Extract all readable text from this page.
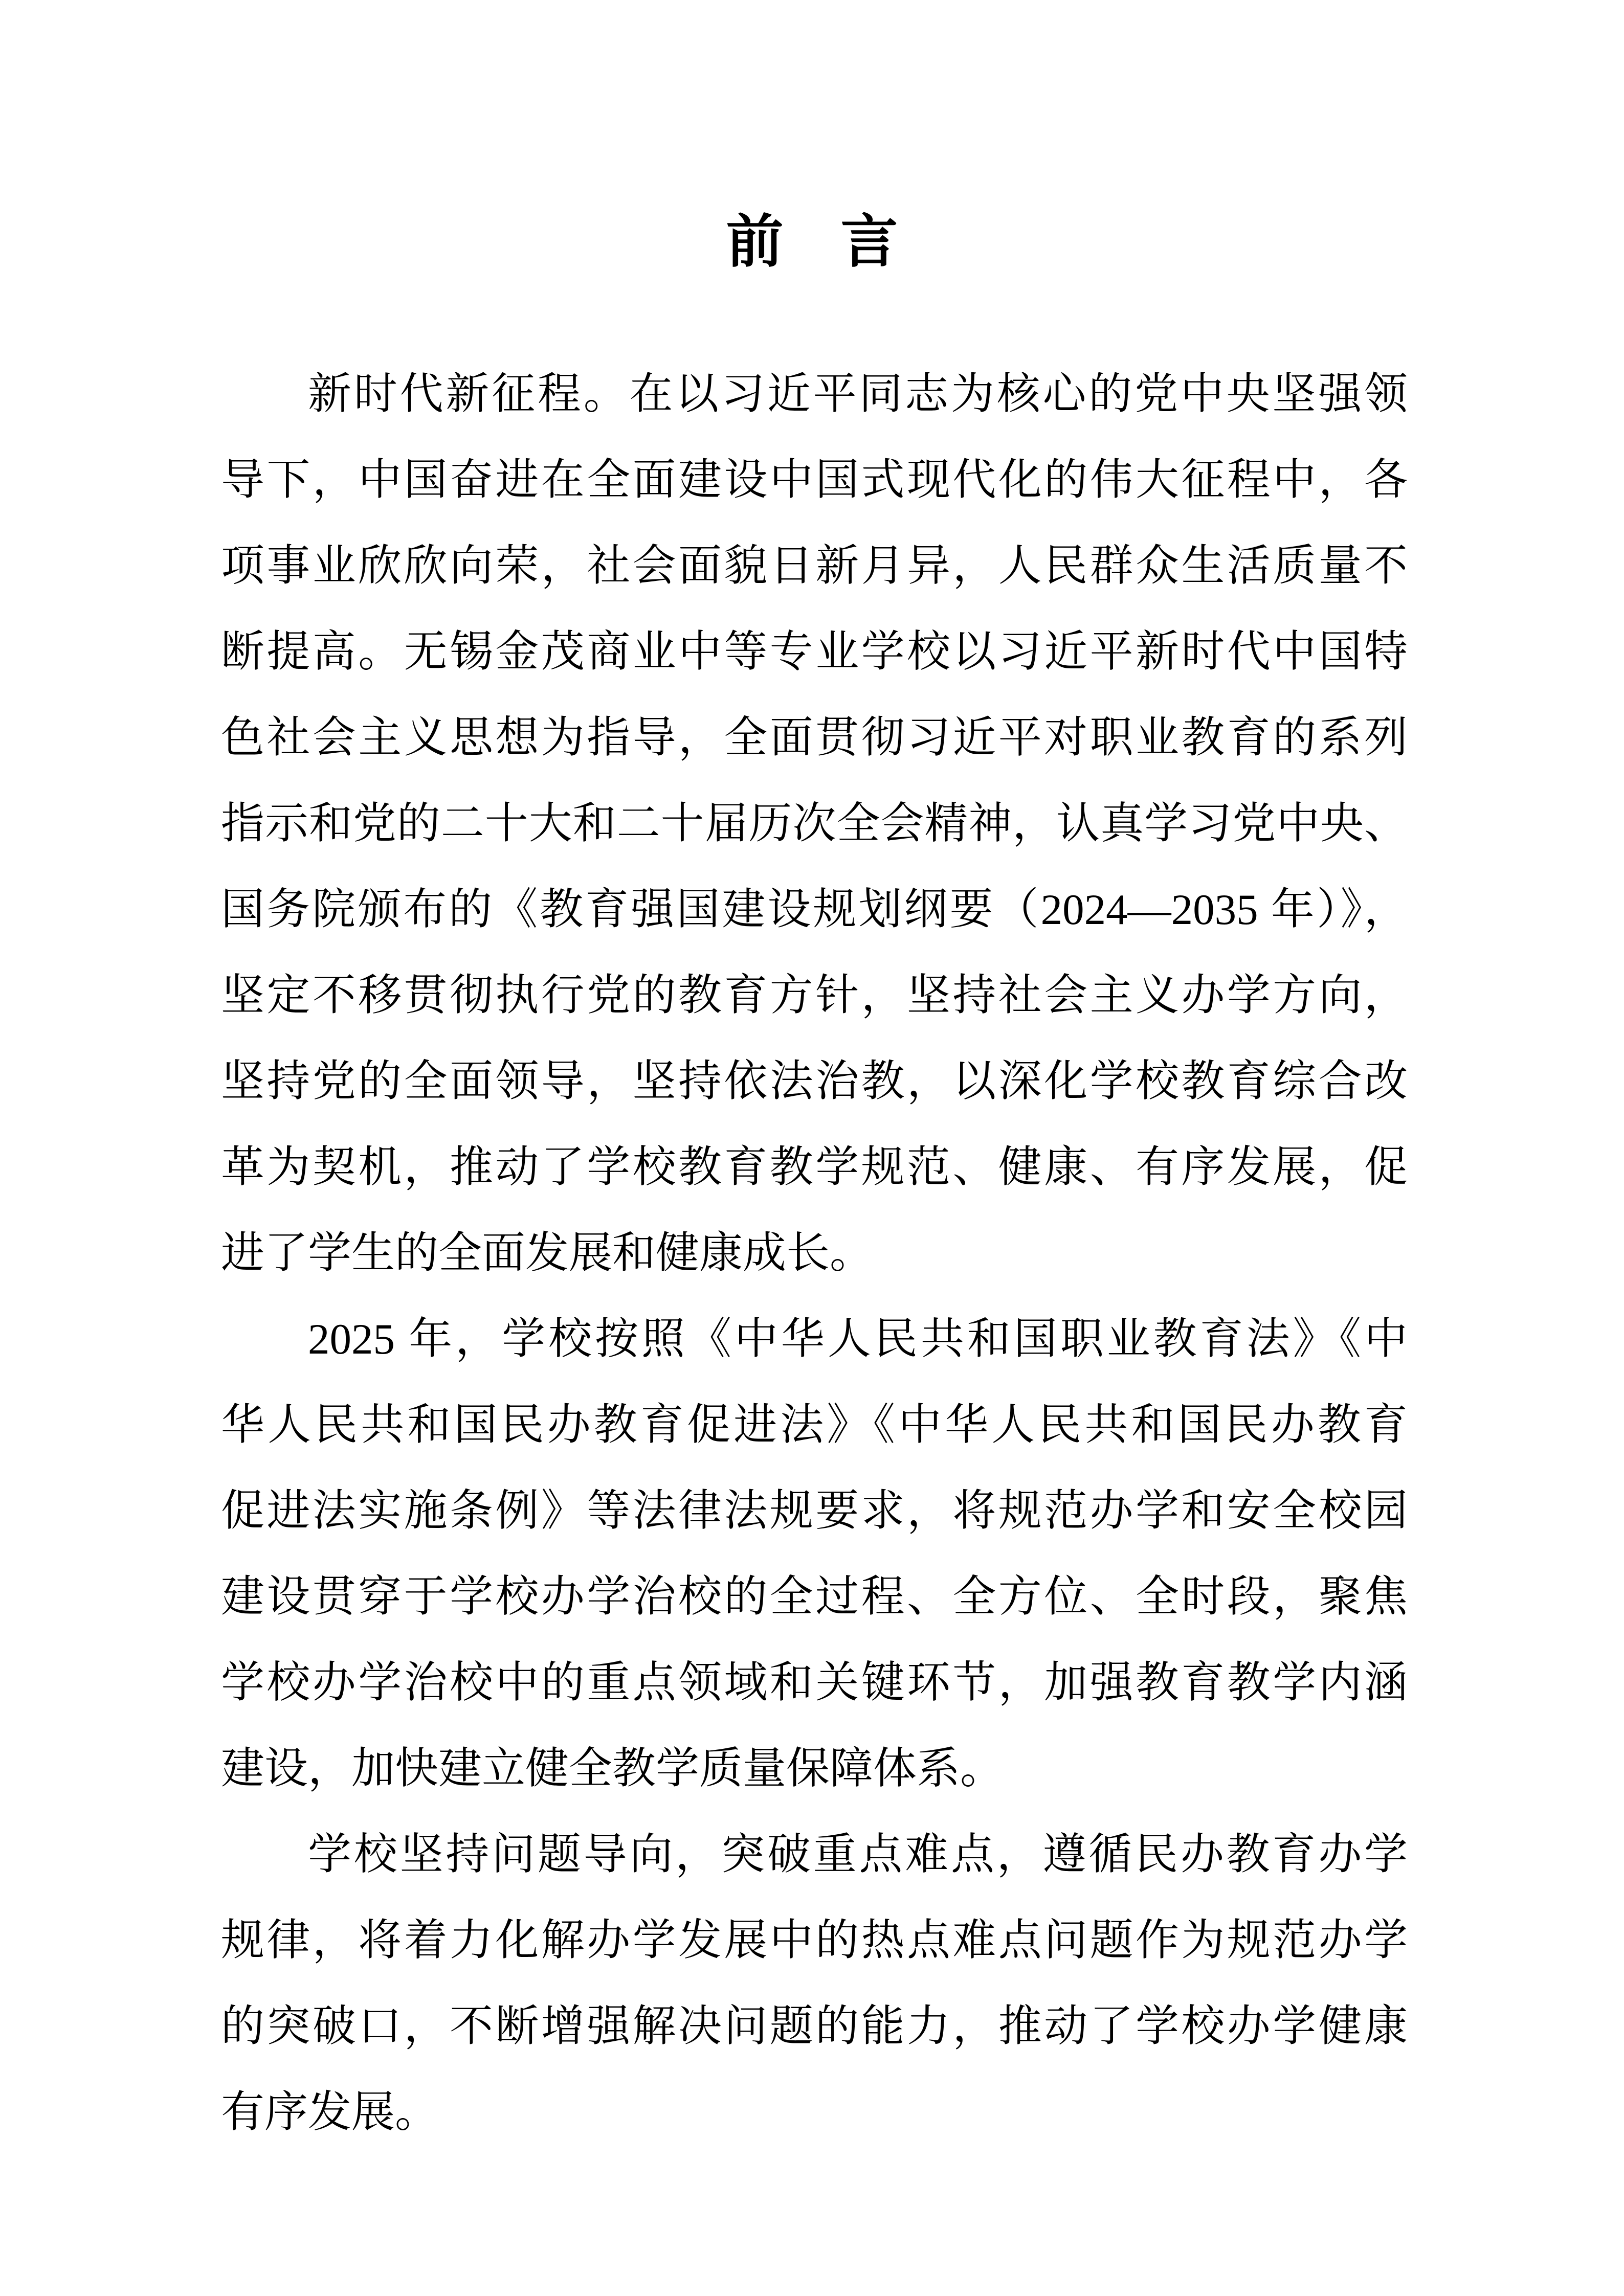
前　言
新时代新征程。在以习近平同志为核心的党中央坚强领
导下，中国奋进在全面建设中国式现代化的伟大征程中，各
项事业欣欣向荣，社会面貌日新月异，人民群众生活质量不
断提高。无锡金茂商业中等专业学校以习近平新时代中国特
色社会主义思想为指导，全面贯彻习近平对职业教育的系列
指示和党的二十大和二十届历次全会精神，认真学习党中央、
国务院颁布的《教育强国建设规划纲要（2024—2035 年）》，
坚定不移贯彻执行党的教育方针，坚持社会主义办学方向，
坚持党的全面领导，坚持依法治教，以深化学校教育综合改
革为契机，推动了学校教育教学规范、健康、有序发展，促
进了学生的全面发展和健康成长。
2025 年，学校按照《中华人民共和国职业教育法》《中
华人民共和国民办教育促进法》《中华人民共和国民办教育
促进法实施条例》等法律法规要求，将规范办学和安全校园
建设贯穿于学校办学治校的全过程、全方位、全时段，聚焦
学校办学治校中的重点领域和关键环节，加强教育教学内涵
建设，加快建立健全教学质量保障体系。
学校坚持问题导向，突破重点难点，遵循民办教育办学
规律，将着力化解办学发展中的热点难点问题作为规范办学
的突破口，不断增强解决问题的能力，推动了学校办学健康
有序发展。
